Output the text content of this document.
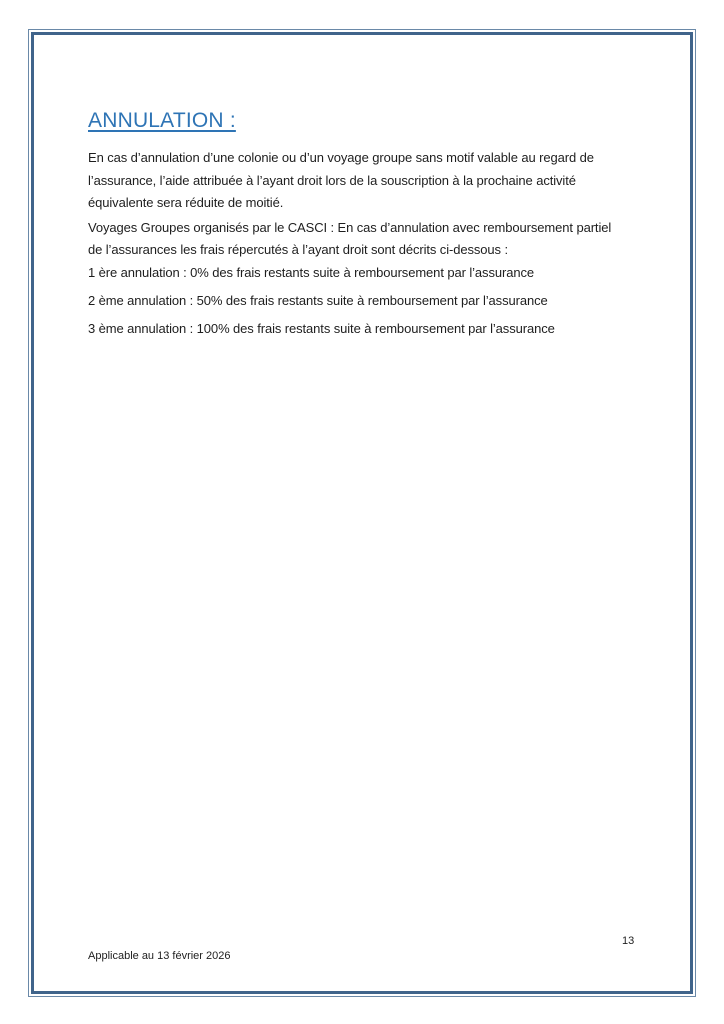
ANNULATION :
En cas d’annulation d’une colonie ou d’un voyage groupe sans motif valable au regard de
l’assurance, l’aide attribuée à l’ayant droit lors de la souscription à la prochaine activité
équivalente sera réduite de moitié.
Voyages Groupes organisés par le CASCI : En cas d’annulation avec remboursement partiel
de l’assurances les frais répercutés à l’ayant droit sont décrits ci-dessous :
1 ère annulation : 0% des frais restants suite à remboursement par l’assurance
2 ème annulation : 50% des frais restants suite à remboursement par l’assurance
3 ème annulation : 100% des frais restants suite à remboursement par l’assurance
Applicable au 13 février 2026
13
